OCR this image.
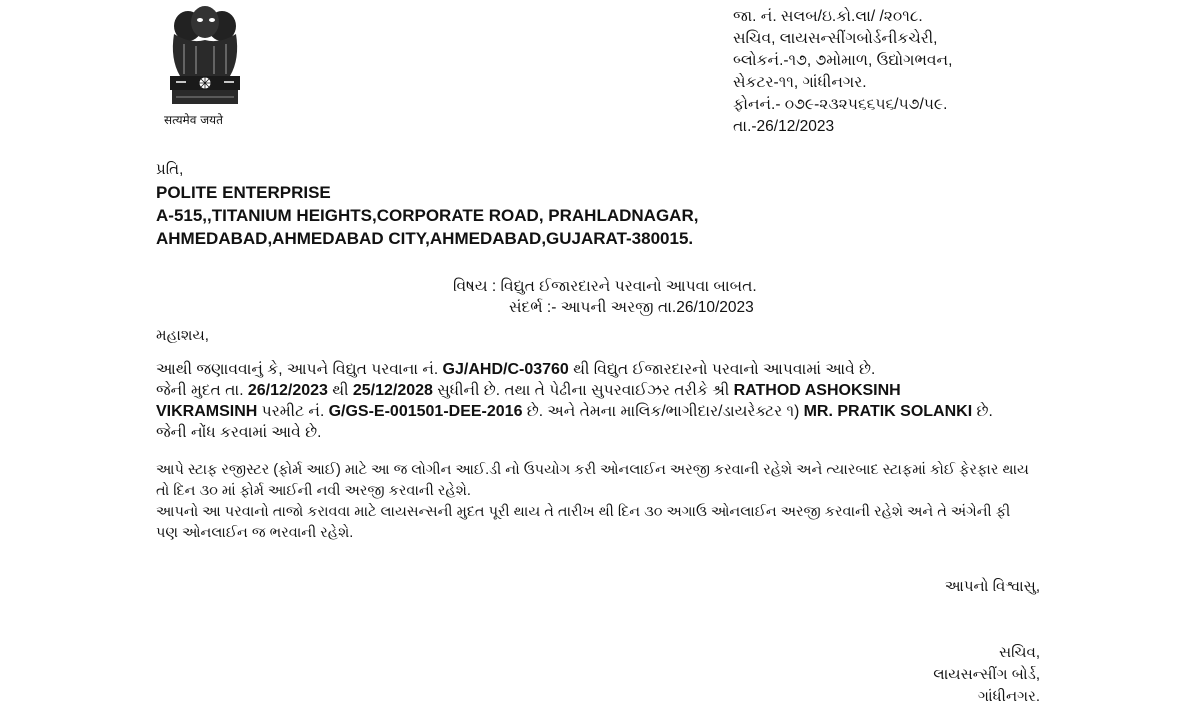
सत्यमेव जयते
જા. નં. સલબ/ઇ.કો.લા/ /૨૦૧૮.
સચિવ, લાયસન્સીંગબોર્ડનીકચેરી,
બ્લોકનં.-૧૭, ૭મોમાળ, ઉદ્યોગભવન,
સેકટર-૧૧, ગાંધીનગર.
ફોનનં.- ૦૭૯-૨૩૨૫૬૬૫૬/૫૭/૫૯.
તા.-26/12/2023
પ્રતિ,
POLITE ENTERPRISE
A-515,,TITANIUM HEIGHTS,CORPORATE ROAD, PRAHLADNAGAR,
AHMEDABAD,AHMEDABAD CITY,AHMEDABAD,GUJARAT-380015.
વિષય : વિદ્યુત ઈજારદારને પરવાનો આપવા બાબત.
સંદર્ભ :- આપની અરજી તા.26/10/2023
મહાશય,
આથી જણાવવાનું કે, આપને વિદ્યુત પરવાના નં. GJ/AHD/C-03760 થી વિદ્યુત ઈજારદારનો પરવાનો આપવામાં આવે છે.
જેની મુદત તા. 26/12/2023 થી 25/12/2028 સુધીની છે. તથા તે પેઢીના સુપરવાઈઝર તરીકે શ્રી RATHOD ASHOKSINH
VIKRAMSINH પરમીટ નં. G/GS-E-001501-DEE-2016 છે. અને તેમના માલિક/ભાગીદાર/ડાયરેક્ટર ૧) MR. PRATIK SOLANKI છે.
જેની નોંધ કરવામાં આવે છે.
આપે સ્ટાફ રજીસ્ટર (ફોર્મ આઈ) માટે આ જ લોગીન આઈ.ડી નો ઉપયોગ કરી ઓનલાઈન અરજી કરવાની રહેશે અને ત્યારબાદ સ્ટાફમાં કોઈ ફેરફાર થાય
તો દિન ૩૦ માં ફોર્મ આઈની નવી અરજી કરવાની રહેશે.
આપનો આ પરવાનો તાજો કરાવવા માટે લાયસન્સની મુદત પૂરી થાય તે તારીખ થી દિન ૩૦ અગાઉ ઓનલાઈન અરજી કરવાની રહેશે અને તે અંગેની ફી
પણ ઓનલાઈન જ ભરવાની રહેશે.
આપનો વિશ્વાસુ,
સચિવ,
લાયસન્સીંગ બોર્ડ,
ગાંધીનગર.
